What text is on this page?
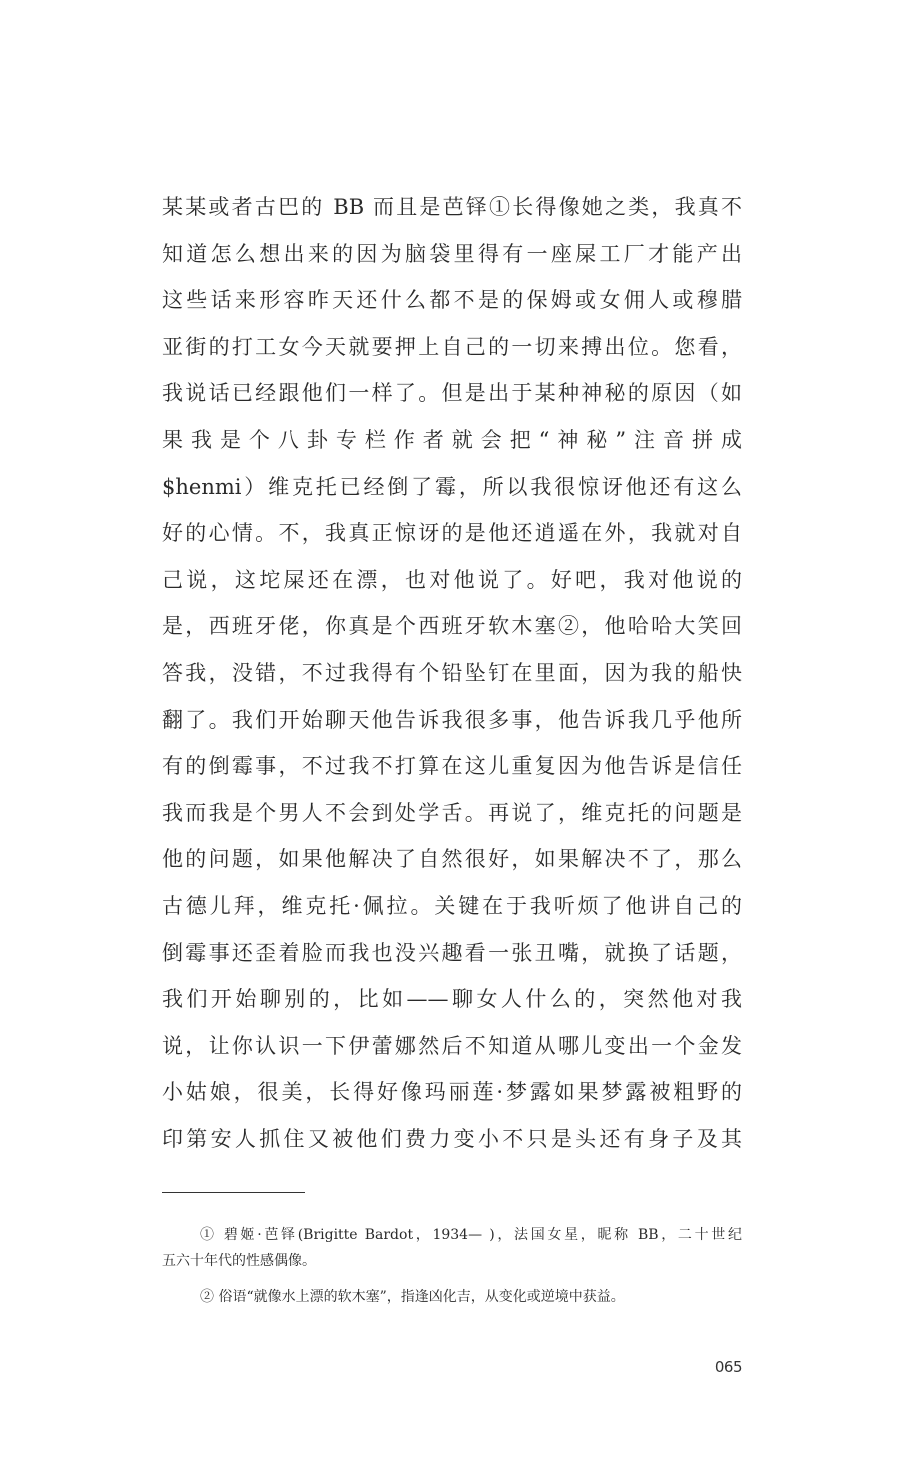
某某或者古巴的 BB 而且是芭铎①长得像她之类，我真不
知道怎么想出来的因为脑袋里得有一座屎工厂才能产出
这些话来形容昨天还什么都不是的保姆或女佣人或穆腊
亚街的打工女今天就要押上自己的一切来搏出位。您看，
我说话已经跟他们一样了。但是出于某种神秘的原因（如
果我是个八卦专栏作者就会把“神秘”注音拼成
$henmi）维克托已经倒了霉，所以我很惊讶他还有这么
好的心情。不，我真正惊讶的是他还逍遥在外，我就对自
己说，这坨屎还在漂，也对他说了。好吧，我对他说的
是，西班牙佬，你真是个西班牙软木塞②，他哈哈大笑回
答我，没错，不过我得有个铅坠钉在里面，因为我的船快
翻了。我们开始聊天他告诉我很多事，他告诉我几乎他所
有的倒霉事，不过我不打算在这儿重复因为他告诉是信任
我而我是个男人不会到处学舌。再说了，维克托的问题是
他的问题，如果他解决了自然很好，如果解决不了，那么
古德儿拜，维克托·佩拉。关键在于我听烦了他讲自己的
倒霉事还歪着脸而我也没兴趣看一张丑嘴，就换了话题，
我们开始聊别的，比如——聊女人什么的，突然他对我
说，让你认识一下伊蕾娜然后不知道从哪儿变出一个金发
小姑娘，很美，长得好像玛丽莲·梦露如果梦露被粗野的
印第安人抓住又被他们费力变小不只是头还有身子及其
① 碧姬·芭铎(Brigitte Bardot，1934— )，法国女星，昵称 BB，二十世纪
五六十年代的性感偶像。
② 俗语“就像水上漂的软木塞”，指逢凶化吉，从变化或逆境中获益。
065
